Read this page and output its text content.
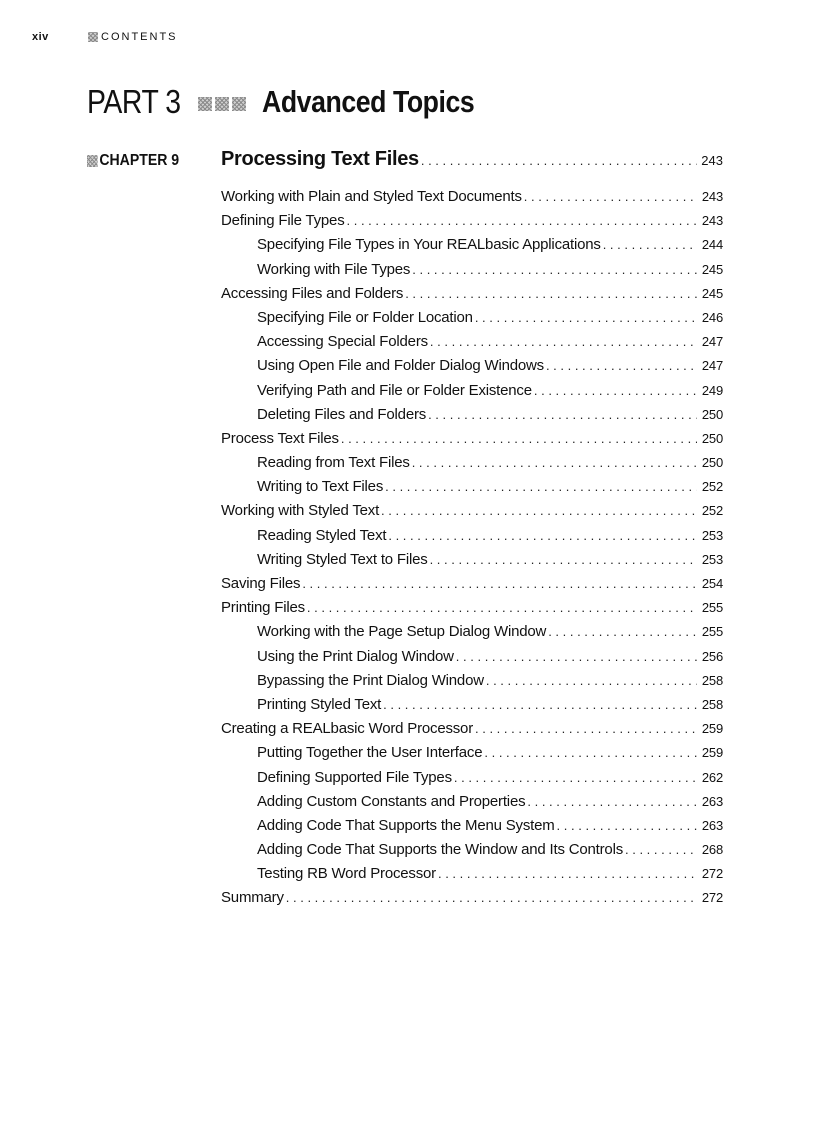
xiv	CONTENTS
PART 3	Advanced Topics
CHAPTER 9 Processing Text Files . . .	243
Working with Plain and Styled Text Documents . . .	243
Defining File Types . . .	243
Specifying File Types in Your REALbasic Applications . . .	244
Working with File Types . . .	245
Accessing Files and Folders . . .	245
Specifying File or Folder Location . . .	246
Accessing Special Folders . . .	247
Using Open File and Folder Dialog Windows . . .	247
Verifying Path and File or Folder Existence . . .	249
Deleting Files and Folders . . .	250
Process Text Files . . .	250
Reading from Text Files . . .	250
Writing to Text Files . . .	252
Working with Styled Text . . .	252
Reading Styled Text . . .	253
Writing Styled Text to Files . . .	253
Saving Files . . .	254
Printing Files . . .	255
Working with the Page Setup Dialog Window . . .	255
Using the Print Dialog Window . . .	256
Bypassing the Print Dialog Window . . .	258
Printing Styled Text . . .	258
Creating a REALbasic Word Processor . . .	259
Putting Together the User Interface . . .	259
Defining Supported File Types . . .	262
Adding Custom Constants and Properties . . .	263
Adding Code That Supports the Menu System . . .	263
Adding Code That Supports the Window and Its Controls . . .	268
Testing RB Word Processor . . .	272
Summary . . .	272
